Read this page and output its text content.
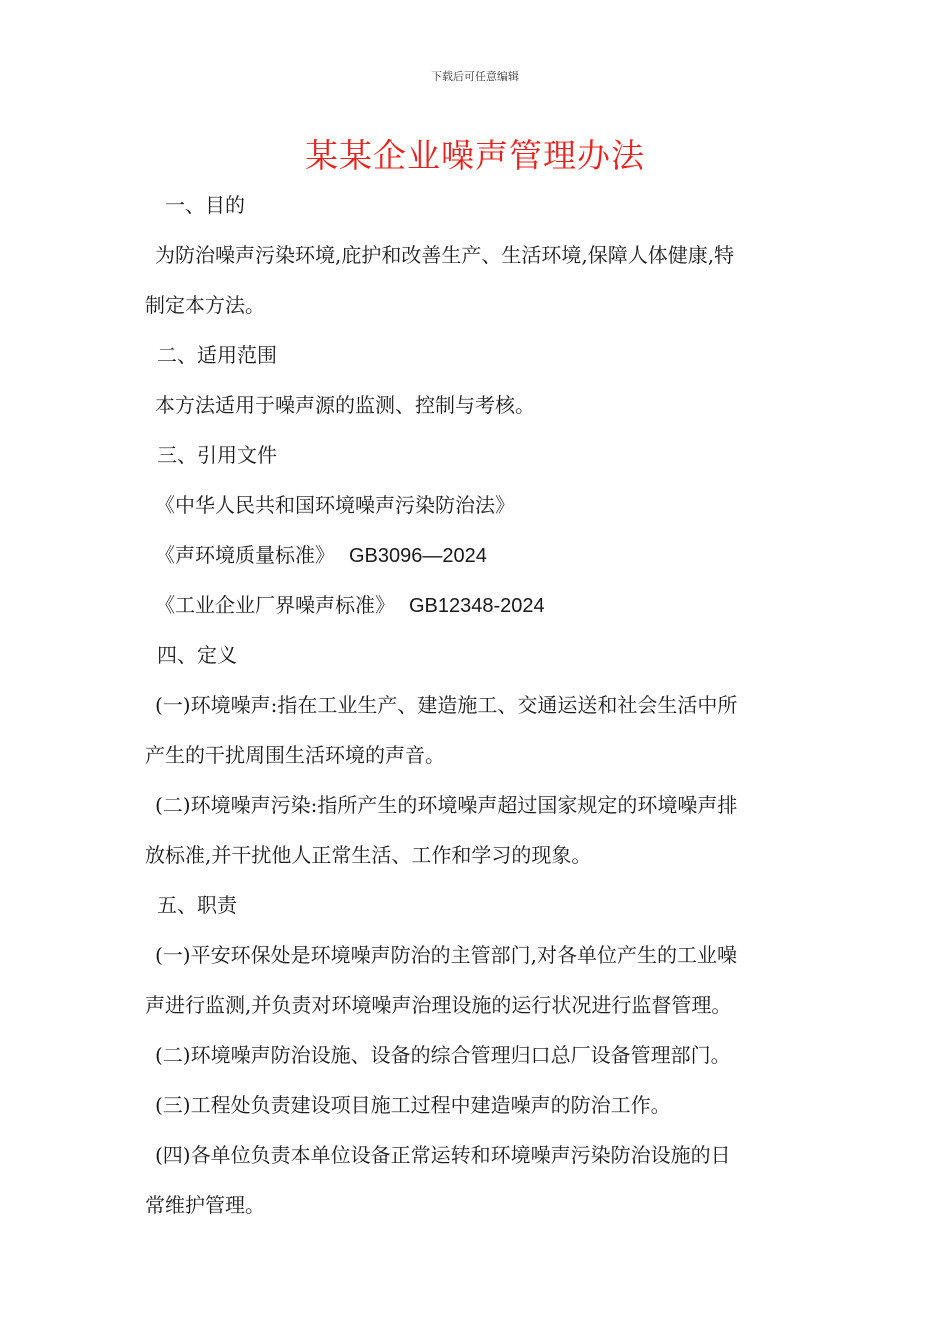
下载后可任意编辑
某某企业噪声管理办法
一、目的
为防治噪声污染环境,庇护和改善生产、生活环境,保障人体健康,特
制定本方法。
二、适用范围
本方法适用于噪声源的监测、控制与考核。
三、引用文件
《中华人民共和国环境噪声污染防治法》
《声环境质量标准》 GB3096—2024
《工业企业厂界噪声标准》 GB12348-2024
四、定义
(一)环境噪声:指在工业生产、建造施工、交通运送和社会生活中所
产生的干扰周围生活环境的声音。
(二)环境噪声污染:指所产生的环境噪声超过国家规定的环境噪声排
放标准,并干扰他人正常生活、工作和学习的现象。
五、职责
(一)平安环保处是环境噪声防治的主管部门,对各单位产生的工业噪
声进行监测,并负责对环境噪声治理设施的运行状况进行监督管理。
(二)环境噪声防治设施、设备的综合管理归口总厂设备管理部门。
(三)工程处负责建设项目施工过程中建造噪声的防治工作。
(四)各单位负责本单位设备正常运转和环境噪声污染防治设施的日
常维护管理。
